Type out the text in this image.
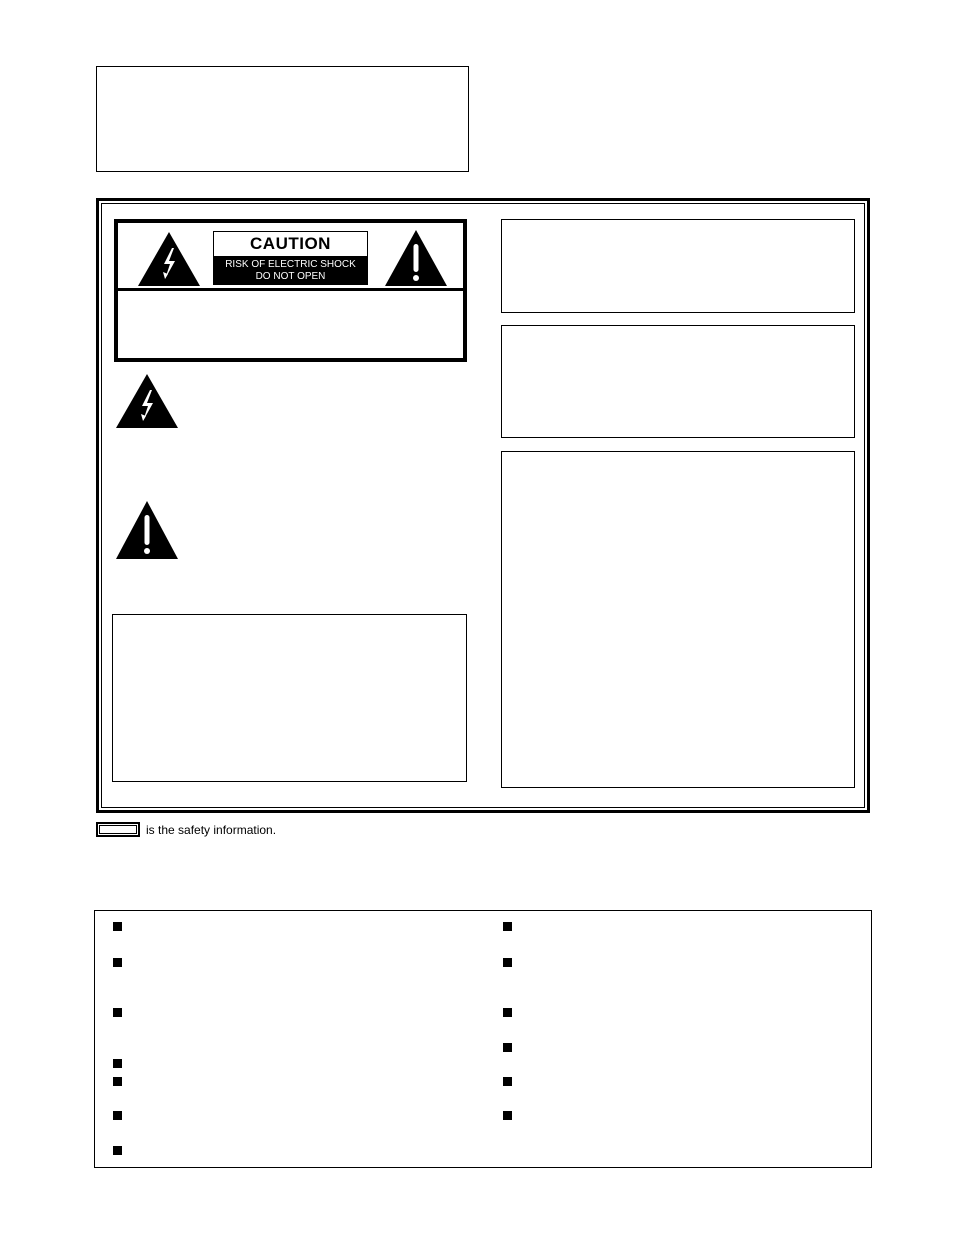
CAUTION
RISK OF ELECTRIC SHOCK
DO NOT OPEN
is the safety information.
